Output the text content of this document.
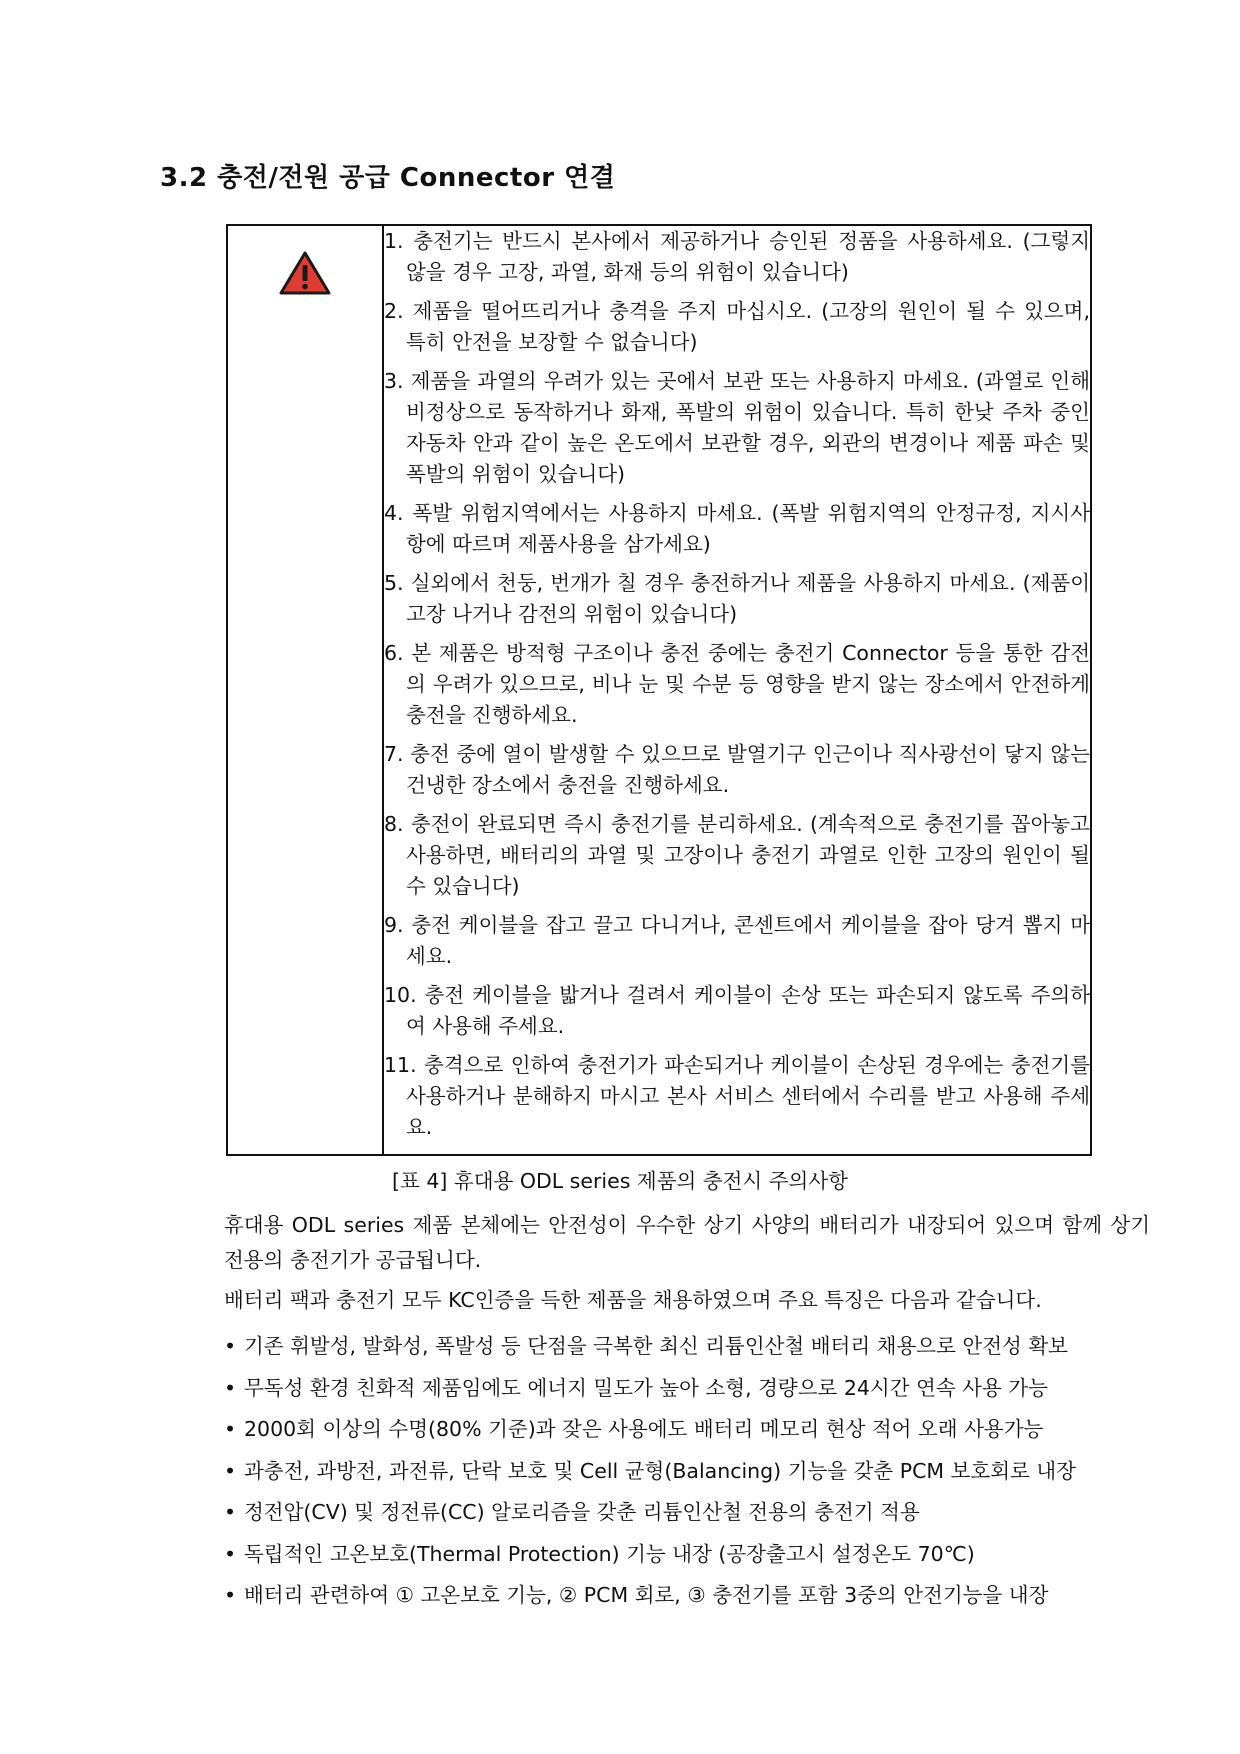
3.2 충전/전원 공급 Connector 연결

1. 충전기는 반드시 본사에서 제공하거나 승인된 정품을 사용하세요. (그렇지 않을 경우 고장, 과열, 화재 등의 위험이 있습니다)
2. 제품을 떨어뜨리거나 충격을 주지 마십시오. (고장의 원인이 될 수 있으며, 특히 안전을 보장할 수 없습니다)
3. 제품을 과열의 우려가 있는 곳에서 보관 또는 사용하지 마세요. (과열로 인해 비정상으로 동작하거나 화재, 폭발의 위험이 있습니다. 특히 한낮 주차 중인 자동차 안과 같이 높은 온도에서 보관할 경우, 외관의 변경이나 제품 파손 및 폭발의 위험이 있습니다)
4. 폭발 위험지역에서는 사용하지 마세요. (폭발 위험지역의 안정규정, 지시사항에 따르며 제품사용을 삼가세요)
5. 실외에서 천둥, 번개가 칠 경우 충전하거나 제품을 사용하지 마세요. (제품이 고장 나거나 감전의 위험이 있습니다)
6. 본 제품은 방적형 구조이나 충전 중에는 충전기 Connector 등을 통한 감전의 우려가 있으므로, 비나 눈 및 수분 등 영향을 받지 않는 장소에서 안전하게 충전을 진행하세요.
7. 충전 중에 열이 발생할 수 있으므로 발열기구 인근이나 직사광선이 닿지 않는 건냉한 장소에서 충전을 진행하세요.
8. 충전이 완료되면 즉시 충전기를 분리하세요. (계속적으로 충전기를 꼽아놓고 사용하면, 배터리의 과열 및 고장이나 충전기 과열로 인한 고장의 원인이 될 수 있습니다)
9. 충전 케이블을 잡고 끌고 다니거나, 콘센트에서 케이블을 잡아 당겨 뽑지 마세요.
10. 충전 케이블을 밟거나 걸려서 케이블이 손상 또는 파손되지 않도록 주의하여 사용해 주세요.
11. 충격으로 인하여 충전기가 파손되거나 케이블이 손상된 경우에는 충전기를 사용하거나 분해하지 마시고 본사 서비스 센터에서 수리를 받고 사용해 주세요.

[표 4] 휴대용 ODL series 제품의 충전시 주의사항

휴대용 ODL series 제품 본체에는 안전성이 우수한 상기 사양의 배터리가 내장되어 있으며 함께 상기 전용의 충전기가 공급됩니다.

배터리 팩과 충전기 모두 KC인증을 득한 제품을 채용하였으며 주요 특징은 다음과 같습니다.

• 기존 휘발성, 발화성, 폭발성 등 단점을 극복한 최신 리튬인산철 배터리 채용으로 안전성 확보
• 무독성 환경 친화적 제품임에도 에너지 밀도가 높아 소형, 경량으로 24시간 연속 사용 가능
• 2000회 이상의 수명(80% 기준)과 잦은 사용에도 배터리 메모리 현상 적어 오래 사용가능
• 과충전, 과방전, 과전류, 단락 보호 및 Cell 균형(Balancing) 기능을 갖춘 PCM 보호회로 내장
• 정전압(CV) 및 정전류(CC) 알로리즘을 갖춘 리튬인산철 전용의 충전기 적용
• 독립적인 고온보호(Thermal Protection) 기능 내장 (공장출고시 설정온도 70℃)
• 배터리 관련하여 ① 고온보호 기능, ② PCM 회로, ③ 충전기를 포함 3중의 안전기능을 내장
